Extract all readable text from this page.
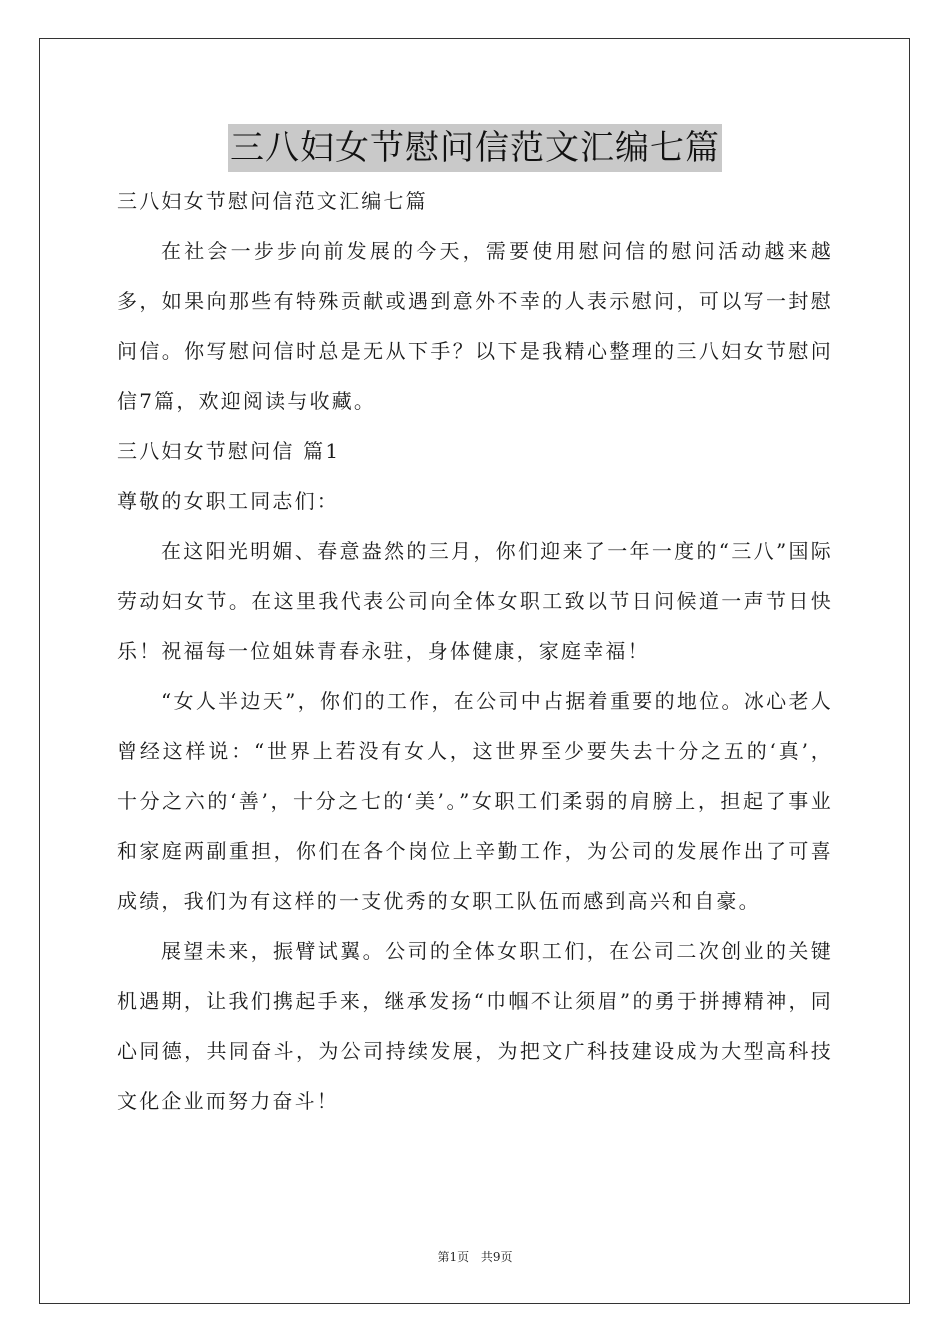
三八妇女节慰问信范文汇编七篇

三八妇女节慰问信范文汇编七篇

在社会一步步向前发展的今天，需要使用慰问信的慰问活动越来越多，如果向那些有特殊贡献或遇到意外不幸的人表示慰问，可以写一封慰问信。你写慰问信时总是无从下手？以下是我精心整理的三八妇女节慰问信7篇，欢迎阅读与收藏。

三八妇女节慰问信 篇1

尊敬的女职工同志们：

在这阳光明媚、春意盎然的三月，你们迎来了一年一度的“三八”国际劳动妇女节。在这里我代表公司向全体女职工致以节日问候道一声节日快乐！祝福每一位姐妹青春永驻，身体健康，家庭幸福！

“女人半边天”，你们的工作，在公司中占据着重要的地位。冰心老人曾经这样说：“世界上若没有女人，这世界至少要失去十分之五的‘真’，十分之六的‘善’，十分之七的‘美’。”女职工们柔弱的肩膀上，担起了事业和家庭两副重担，你们在各个岗位上辛勤工作，为公司的发展作出了可喜成绩，我们为有这样的一支优秀的女职工队伍而感到高兴和自豪。

展望未来，振臂试翼。公司的全体女职工们，在公司二次创业的关键机遇期，让我们携起手来，继承发扬“巾帼不让须眉”的勇于拼搏精神，同心同德，共同奋斗，为公司持续发展，为把文广科技建设成为大型高科技文化企业而努力奋斗！

第1页 共9页
